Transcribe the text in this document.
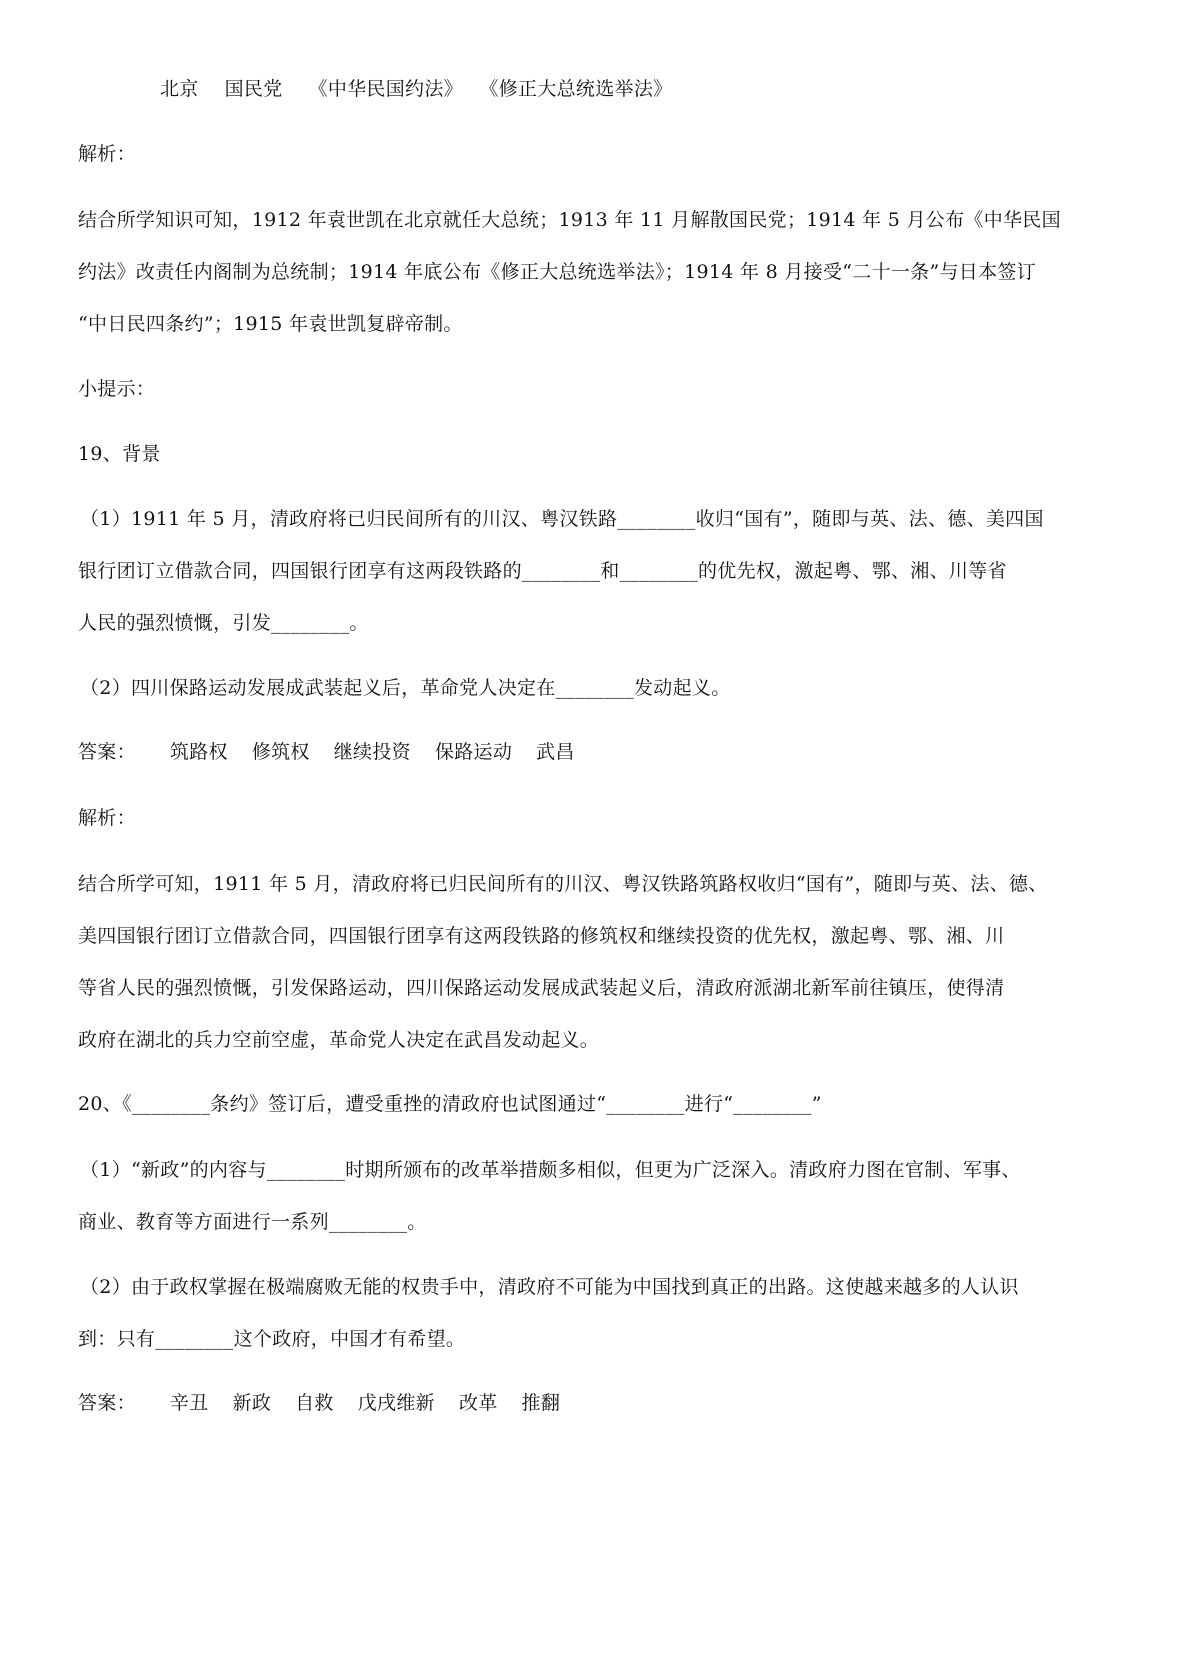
北京 国民党 《中华民国约法》 《修正大总统选举法》
解析：
结合所学知识可知，1912 年袁世凯在北京就任大总统；1913 年 11 月解散国民党；1914 年 5 月公布《中华民国
约法》改责任内阁制为总统制；1914 年底公布《修正大总统选举法》；1914 年 8 月接受“二十一条”与日本签订
“中日民四条约”；1915 年袁世凯复辟帝制。
小提示：
19、背景
（1）1911 年 5 月，清政府将已归民间所有的川汉、粤汉铁路________收归“国有”，随即与英、法、德、美四国
银行团订立借款合同，四国银行团享有这两段铁路的________和________的优先权，激起粤、鄂、湘、川等省
人民的强烈愤慨，引发________。
（2）四川保路运动发展成武装起义后，革命党人决定在________发动起义。
答案： 筑路权 修筑权 继续投资 保路运动 武昌
解析：
结合所学可知，1911 年 5 月，清政府将已归民间所有的川汉、粤汉铁路筑路权收归“国有”，随即与英、法、德、
美四国银行团订立借款合同，四国银行团享有这两段铁路的修筑权和继续投资的优先权，激起粤、鄂、湘、川
等省人民的强烈愤慨，引发保路运动，四川保路运动发展成武装起义后，清政府派湖北新军前往镇压，使得清
政府在湖北的兵力空前空虚，革命党人决定在武昌发动起义。
20、《________条约》签订后，遭受重挫的清政府也试图通过“________进行“________”
（1）“新政”的内容与________时期所颁布的改革举措颇多相似，但更为广泛深入。清政府力图在官制、军事、
商业、教育等方面进行一系列________。
（2）由于政权掌握在极端腐败无能的权贵手中，清政府不可能为中国找到真正的出路。这使越来越多的人认识
到：只有________这个政府，中国才有希望。
答案： 辛丑 新政 自救 戊戌维新 改革 推翻
